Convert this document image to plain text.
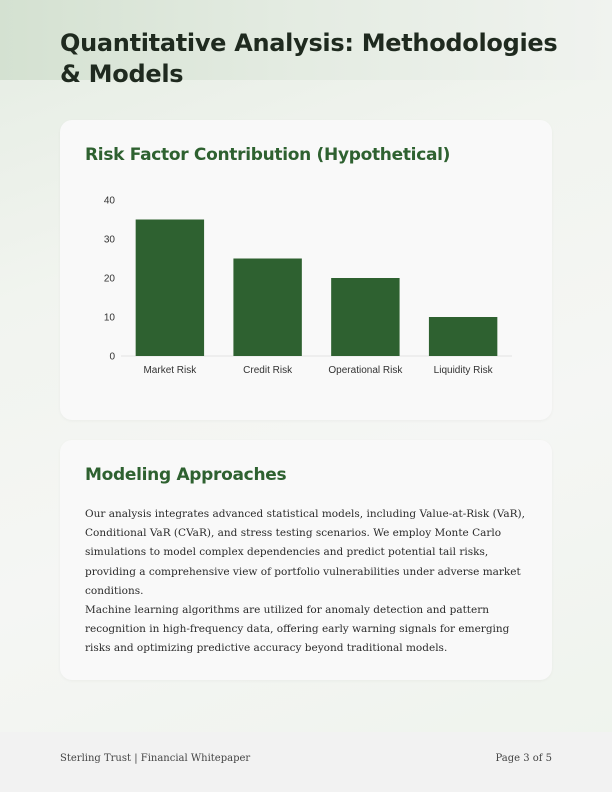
Quantitative Analysis: Methodologies & Models
Risk Factor Contribution (Hypothetical)
0
10
20
30
40
Market Risk	Credit Risk	Operational Risk	Liquidity Risk
Modeling Approaches

Our analysis integrates advanced statistical models, including Value-at-Risk (VaR), Conditional VaR (CVaR), and stress testing scenarios. We employ Monte Carlo simulations to model complex dependencies and predict potential tail risks, providing a comprehensive view of portfolio vulnerabilities under adverse market conditions.

Machine learning algorithms are utilized for anomaly detection and pattern recognition in high-frequency data, offering early warning signals for emerging risks and optimizing predictive accuracy beyond traditional models.

Sterling Trust | Financial Whitepaper	Page 3 of 5
